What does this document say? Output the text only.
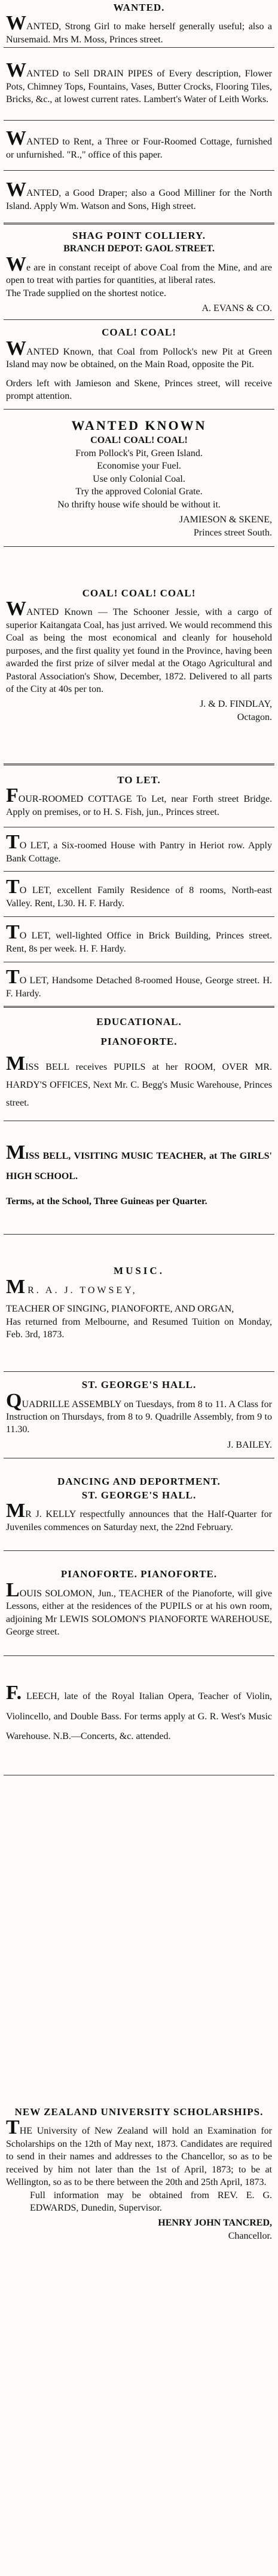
WANTED.

WANTED, Strong Girl to make herself generally useful; also a Nursemaid. Mrs M. Moss, Princes street.

WANTED to Sell DRAIN PIPES of Every description, Flower Pots, Chimney Tops, Fountains, Vases, Butter Crocks, Flooring Tiles, Bricks, &c., at lowest current rates. Lambert's Water of Leith Works.

WANTED to Rent, a Three or Four-Roomed Cottage, furnished or unfurnished. "R.," office of this paper.

WANTED, a Good Draper; also a Good Milliner for the North Island. Apply Wm. Watson and Sons, High street.

SHAG POINT COLLIERY.

BRANCH DEPOT: GAOL STREET.

We are in constant receipt of above Coal from the Mine, and are open to treat with parties for quantities, at liberal rates.

The Trade supplied on the shortest notice.

A. EVANS & CO.

COAL! COAL!

WANTED Known, that Coal from Pollock's new Pit at Green Island may now be obtained, on the Main Road, opposite the Pit.

Orders left with Jamieson and Skene, Princes street, will receive prompt attention.

WANTED KNOWN

COAL! COAL! COAL!

From Pollock's Pit, Green Island.

Economise your Fuel.

Use only Colonial Coal.

Try the approved Colonial Grate.

No thrifty house wife should be without it.

JAMIESON & SKENE,

Princes street South.

COAL! COAL! COAL!

WANTED Known — The Schooner Jessie, with a cargo of superior Kaitangata Coal, has just arrived. We would recommend this Coal as being the most economical and cleanly for household purposes, and the first quality yet found in the Province, having been awarded the first prize of silver medal at the Otago Agricultural and Pastoral Association's Show, December, 1872. Delivered to all parts of the City at 40s per ton.

J. & D. FINDLAY,

Octagon.

TO LET.

FOUR-ROOMED COTTAGE To Let, near Forth street Bridge. Apply on premises, or to H. S. Fish, jun., Princes street.

TO LET, a Six-roomed House with Pantry in Heriot row. Apply Bank Cottage.

TO LET, excellent Family Residence of 8 rooms, North-east Valley. Rent, L30. H. F. Hardy.

TO LET, well-lighted Office in Brick Building, Princes street. Rent, 8s per week. H. F. Hardy.

TO LET, Handsome Detached 8-roomed House, George street. H. F. Hardy.

EDUCATIONAL.

PIANOFORTE.

MISS BELL receives PUPILS at her ROOM, OVER MR. HARDY'S OFFICES, Next Mr. C. Begg's Music Warehouse, Princes street.

MISS BELL, VISITING MUSIC TEACHER, at The GIRLS' HIGH SCHOOL.

Terms, at the School, Three Guineas per Quarter.

MUSIC.

MR. A. J. TOWSEY,

TEACHER OF SINGING, PIANOFORTE, AND ORGAN,

Has returned from Melbourne, and Resumed Tuition on Monday, Feb. 3rd, 1873.

ST. GEORGE'S HALL.

QUADRILLE ASSEMBLY on Tuesdays, from 8 to 11. A Class for Instruction on Thursdays, from 8 to 9. Quadrille Assembly, from 9 to 11.30.

J. BAILEY.

DANCING AND DEPORTMENT.

ST. GEORGE'S HALL.

MR J. KELLY respectfully announces that the Half-Quarter for Juveniles commences on Saturday next, the 22nd February.

PIANOFORTE. PIANOFORTE.

LOUIS SOLOMON, Jun., TEACHER of the Pianoforte, will give Lessons, either at the residences of the PUPILS or at his own room, adjoining Mr LEWIS SOLOMON'S PIANOFORTE WAREHOUSE, George street.

F. LEECH, late of the Royal Italian Opera, Teacher of Violin, Violincello, and Double Bass. For terms apply at G. R. West's Music Warehouse. N.B.—Concerts, &c. attended.

NEW ZEALAND UNIVERSITY SCHOLARSHIPS.

THE University of New Zealand will hold an Examination for Scholarships on the 12th of May next, 1873. Candidates are required to send in their names and addresses to the Chancellor, so as to be received by him not later than the 1st of April, 1873; to be at Wellington, so as to be there between the 20th and 25th April, 1873.

Full information may be obtained from REV. E. G. EDWARDS, Dunedin, Supervisor.

HENRY JOHN TANCRED,

Chancellor.
